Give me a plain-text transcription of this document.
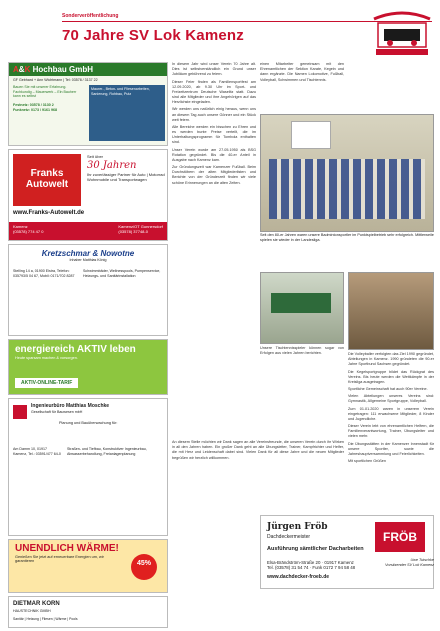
Sonderveröffentlichung
70 Jahre SV Lok Kamenz
A&K Hochbau GmbH
GF Gebhard + Ann Wichtmann | Tel: 03578 / 3137 22
Bauen Sie mit unserer Erfahrung. Fachkundig – Mauerwerk – Ein Bauherr kann es selbst
Festnetz: 03578 / 3130 2
Funknetz: 0173 / 9161 968
Maurer-, Beton- und Fliesenarbeiten, Sanierung, Rohbau, Putz
Franks Autowelt
Seit über
30 Jahren
Ihr zuverlässiger Partner für Auto | Motorrad Wohnmobile und Transportwagen
www.Franks-Autowelt.de
Kamenz
(03578) 774 47 0
Kamenz/OT Gunnersdorf
(03578) 37748-0
Kretzschmar & Nowotne
Inhaber Matthias König
Stelling 14 a, 01900 Elstra, Telefon: 035793/5 04 67, Mobil: 0171/702 8287
Schwimmbäder, Wellnesspools, Pumpenservice, Heizungs- und Sanitärinstallation
energiereich AKTIV leben
Heute sparsam machen & vorsorgen.
AKTIV-ONLINE-TARIF
Ingenieurbüro Matthias Moschke
Gesellschaft für Bauwesen mbH
Planung und Bauüberwachung für:
Am Damm 10, 01917 Kamenz, Tel.: 03591/477 64-0
Straßen- und Tiefbau, Konstruktiver Ingenieurbau, Abwasserbehandlung, Freianlagenplanung
UNENDLICH WÄRME!
Genießen Sie jetzt auf erneuerbare Energien um, wir garantieren	45%
DIETMAR KORN
HAUSTECHNIK GMBH
Sanitär | Heizung | Fliesen | Wärme | Pools

In diesem Jahr wird unser Verein 70 Jahre alt. Dies ist selbstverständlich ein Grund unser Jubiläum gebührend zu feiern.

Dieser Feier finden als Familiensportfest am 12.09.2020, ab 9.30 Uhr im Sport- und Freizeitzentrum Deutsche Waselitz statt. Dazu sind alle Mitglieder und ihre Angehörigen auf das Herzlichste eingeladen.

Wir werden uns natürlich einig heraus, wenn uns an diesem Tag auch unsere Gönner und ein Stück weit feiern.

Alle Bereiche werden ein bisschen zu Ehren und es werden bunte Preise verteilt, die im Unterhaltungsprogramm für Tombola enthalten sind.

Unser Verein wurde am 27.05.1950 als BSG Rotation gegründet. Bis die 40-er Anteil in Ausgabe nach Kamenz kam.

Zur Gründungszeit war Kamenzer Fußball. Beim Durchstöbern der alten Mitgliederlisten und Berichte von der Gründerzeit finden wir viele schöne Erinnerungen an die alten Zeiten.

einen Mitarbeiter gemeinsam mit den Ehrenamtlichen der Sektion Karate, Kegeln und dann ergänzte. Die Namen Lokomotive, Fußball, Volleyball, Schwimmen und Tischtennis.

Seit den 80-er Jahren waren unsere Badmintonsportler im Punktspielbetrieb sehr erfolgreich. Mittlerweile spielen sie wieder in der Landesliga.

Unsere Tischtennisspieler können sogar von Erfolgen aus vielen Jahren berichten.	Die Volleyballer verfolgten das Ziel 1990 gegründet, Abteilungen in Kamenz. 1990 gründeten die 90-er Jahre Sportbund Sachsen gegründet.

Die Kegelsportgruppe bildet das Rückgrat des Vereins. Bis heute werden die Wettkämpfe in der Kreisliga ausgetragen.

Sportliche Gemeinschaft hat auch 90er Vereine.

Vielen Abteilungen unseres Vereins sind: Gymnastik, Allgemeine Sportgruppe, Volleyball.

Zum 01.01.2020 waren in unserem Verein eingetragen: 111 erwachsene Mitglieder, 8 Kinder und Jugendliche.

Dieser Verein lebt von ehrenamtlichen Helfern, die Familienverantwortung, Trainer, Übungsleiter und vielen mehr.

Die Übungsstätten in der Kamenzer Innenstadt für unsere Sportler, sowie die Jahreshauptversammlung und Feierlichkeiten.

Mit sportlichen Grüßen

An diesem Stelle möchten wir Dank sagen an alle Vereinsfreunde, die unseren Verein durch ihr Wirken in all den Jahren haben. Ein großer Dank geht an alle Übungsleiter, Trainer, Kampfrichter und Helfer, die mit Herz und Leidenschaft dabei sind. Vielen Dank für all diese Jahre und die neuen Mitglieder begrüßen wir herzlich willkommen.
Jürgen Fröb
Dachdeckermeister
Ausführung sämtlicher Dacharbeiten
Elsa-Brändström-Straße 20 · 01917 Kamenz
Tel. (03578) 31 54 74 · Funk 0172 7 94 58 48
www.dachdecker-froeb.de
FRÖB
Uwe Tutschke
Vorsitzender SV Lok Kamenz
